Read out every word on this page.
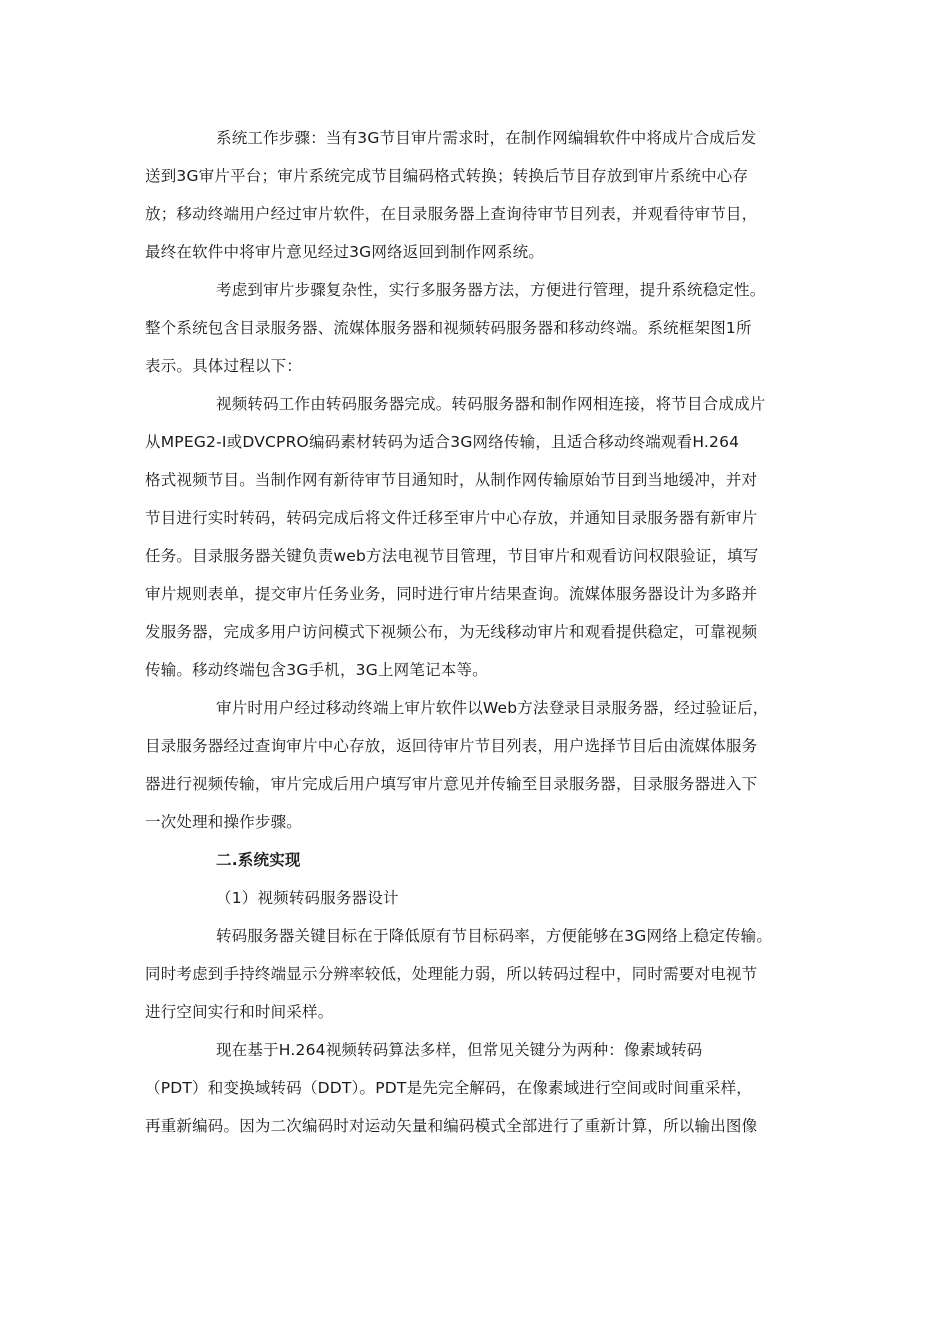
系统工作步骤：当有3G节目审片需求时，在制作网编辑软件中将成片合成后发
送到3G审片平台；审片系统完成节目编码格式转换；转换后节目存放到审片系统中心存
放；移动终端用户经过审片软件，在目录服务器上查询待审节目列表，并观看待审节目，
最终在软件中将审片意见经过3G网络返回到制作网系统。
考虑到审片步骤复杂性，实行多服务器方法，方便进行管理，提升系统稳定性。
整个系统包含目录服务器、流媒体服务器和视频转码服务器和移动终端。系统框架图1所
表示。具体过程以下：
视频转码工作由转码服务器完成。转码服务器和制作网相连接，将节目合成成片
从MPEG2-I或DVCPRO编码素材转码为适合3G网络传输，且适合移动终端观看H.264
格式视频节目。当制作网有新待审节目通知时，从制作网传输原始节目到当地缓冲，并对
节目进行实时转码，转码完成后将文件迁移至审片中心存放，并通知目录服务器有新审片
任务。目录服务器关键负责web方法电视节目管理，节目审片和观看访问权限验证，填写
审片规则表单，提交审片任务业务，同时进行审片结果查询。流媒体服务器设计为多路并
发服务器，完成多用户访问模式下视频公布，为无线移动审片和观看提供稳定，可靠视频
传输。移动终端包含3G手机，3G上网笔记本等。
审片时用户经过移动终端上审片软件以Web方法登录目录服务器，经过验证后，
目录服务器经过查询审片中心存放，返回待审片节目列表，用户选择节目后由流媒体服务
器进行视频传输，审片完成后用户填写审片意见并传输至目录服务器，目录服务器进入下
一次处理和操作步骤。
二.系统实现
（1）视频转码服务器设计
转码服务器关键目标在于降低原有节目标码率，方便能够在3G网络上稳定传输。
同时考虑到手持终端显示分辨率较低，处理能力弱，所以转码过程中，同时需要对电视节
进行空间实行和时间采样。
现在基于H.264视频转码算法多样，但常见关键分为两种：像素域转码
（PDT）和变换域转码（DDT）。PDT是先完全解码，在像素域进行空间或时间重采样，
再重新编码。因为二次编码时对运动矢量和编码模式全部进行了重新计算，所以输出图像
